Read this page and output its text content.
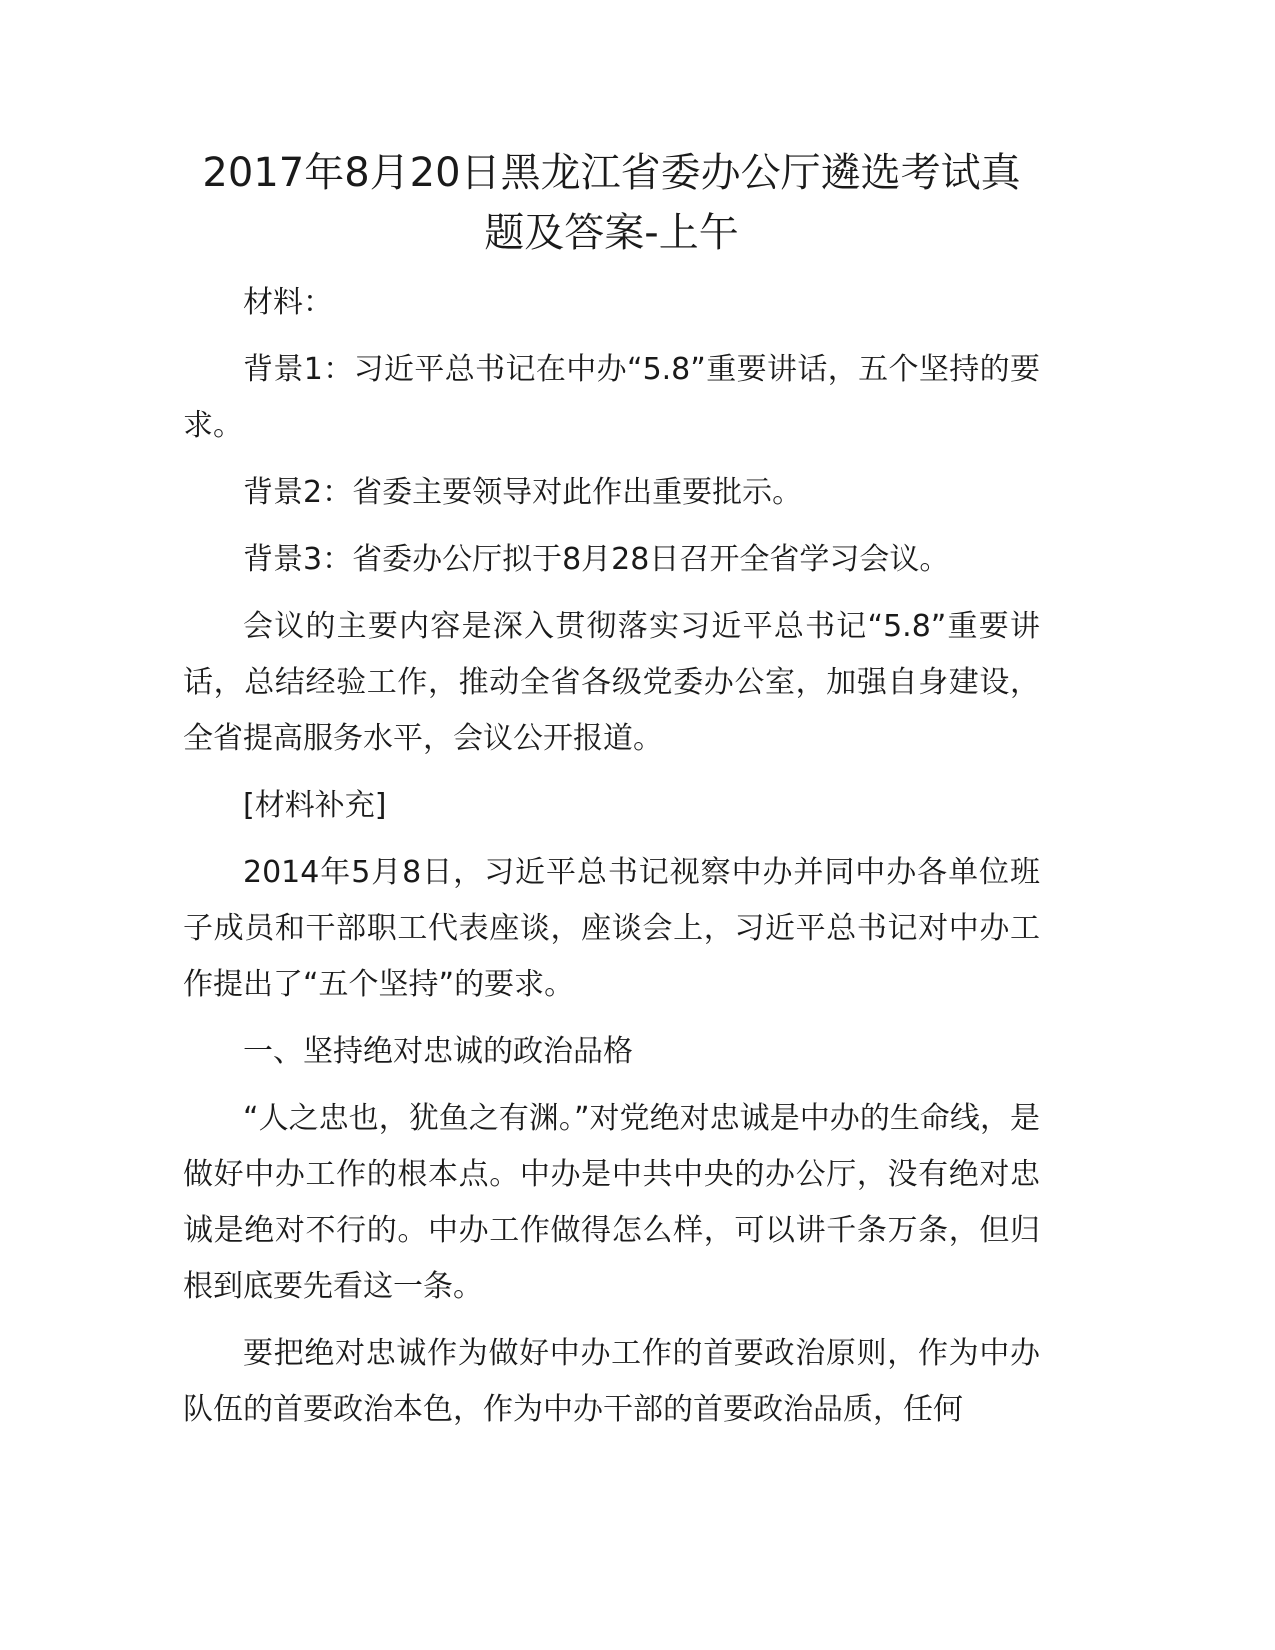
2017年8月20日黑龙江省委办公厅遴选考试真题及答案-上午

材料：

背景1：习近平总书记在中办“5.8”重要讲话，五个坚持的要求。

背景2：省委主要领导对此作出重要批示。

背景3：省委办公厅拟于8月28日召开全省学习会议。

会议的主要内容是深入贯彻落实习近平总书记“5.8”重要讲话，总结经验工作，推动全省各级党委办公室，加强自身建设，全省提高服务水平，会议公开报道。

[材料补充]

2014年5月8日，习近平总书记视察中办并同中办各单位班子成员和干部职工代表座谈，座谈会上，习近平总书记对中办工作提出了“五个坚持”的要求。

一、坚持绝对忠诚的政治品格

“人之忠也，犹鱼之有渊。”对党绝对忠诚是中办的生命线，是做好中办工作的根本点。中办是中共中央的办公厅，没有绝对忠诚是绝对不行的。中办工作做得怎么样，可以讲千条万条，但归根到底要先看这一条。

要把绝对忠诚作为做好中办工作的首要政治原则，作为中办队伍的首要政治本色，作为中办干部的首要政治品质，任何
